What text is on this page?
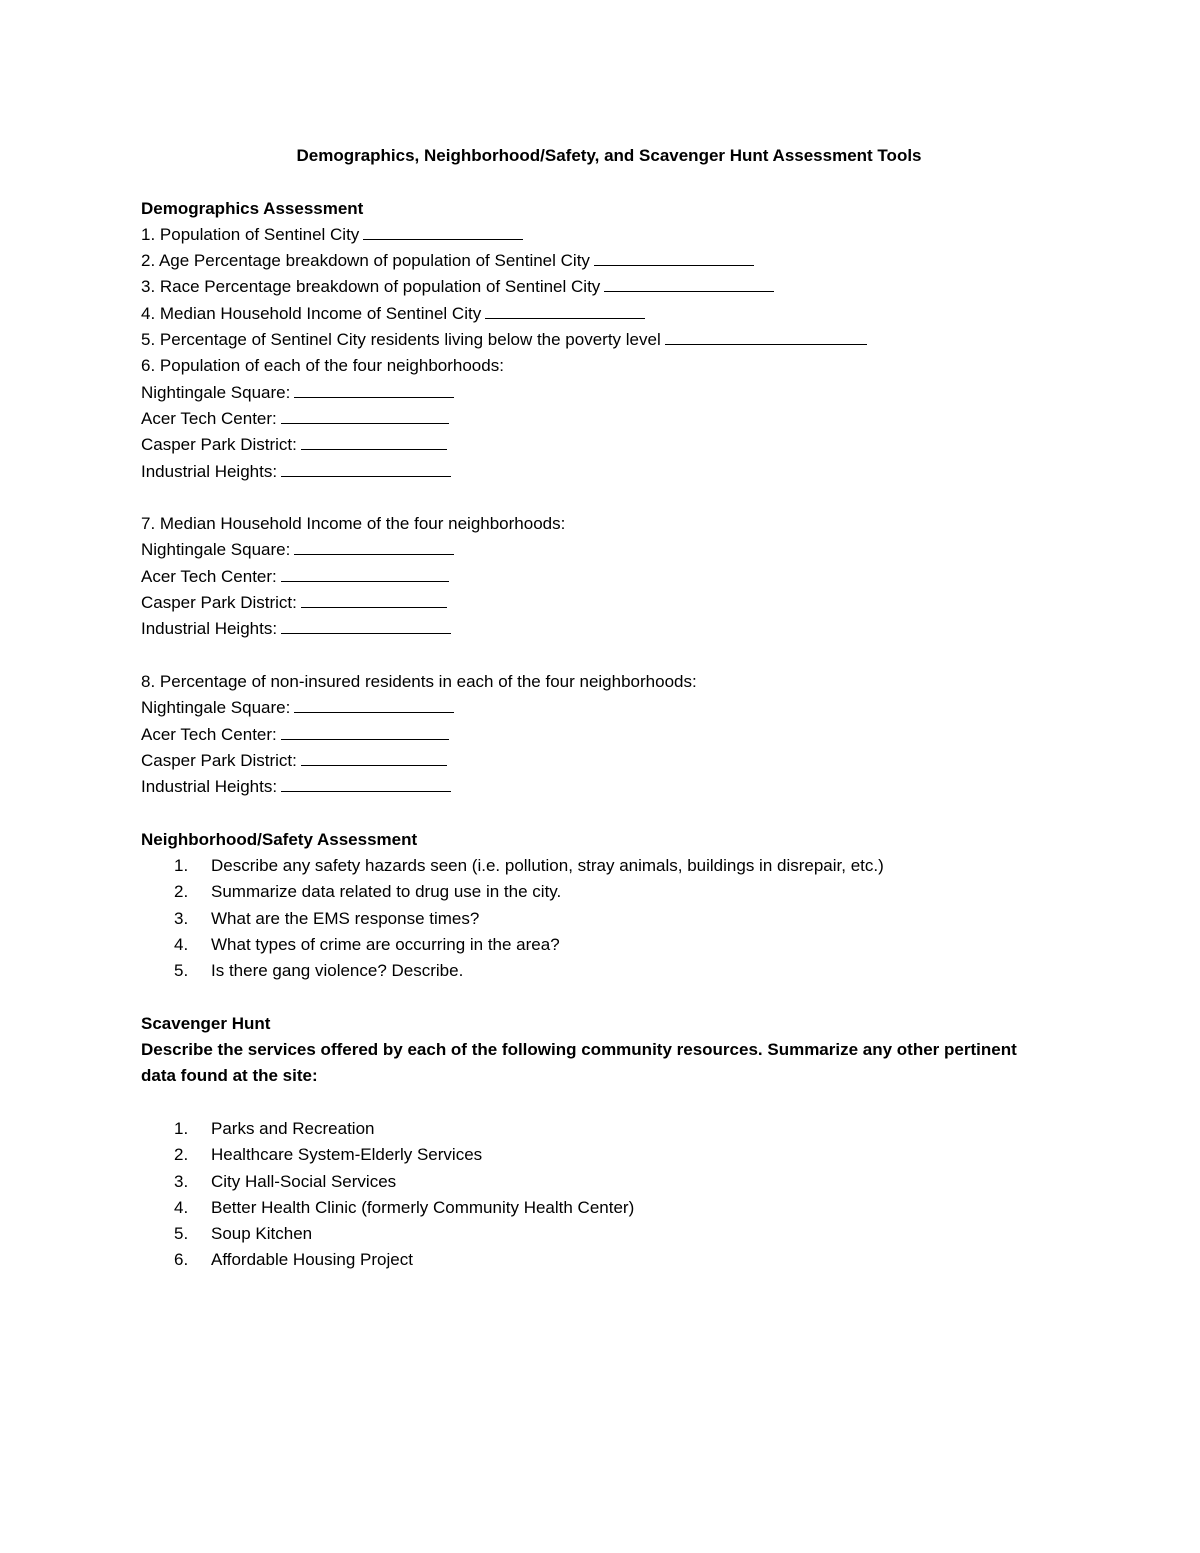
Demographics, Neighborhood/Safety, and Scavenger Hunt Assessment Tools

Demographics Assessment

1. Population of Sentinel City

2. Age Percentage breakdown of population of Sentinel City

3. Race Percentage breakdown of population of Sentinel City

4. Median Household Income of Sentinel City

5. Percentage of Sentinel City residents living below the poverty level

6. Population of each of the four neighborhoods:

Nightingale Square:

Acer Tech Center:

Casper Park District:

Industrial Heights:

7. Median Household Income of the four neighborhoods:

Nightingale Square:

Acer Tech Center:

Casper Park District:

Industrial Heights:

8. Percentage of non-insured residents in each of the four neighborhoods:

Nightingale Square:

Acer Tech Center:

Casper Park District:

Industrial Heights:

Neighborhood/Safety Assessment

1.	Describe any safety hazards seen (i.e. pollution, stray animals, buildings in disrepair, etc.)
2.	Summarize data related to drug use in the city.
3.	What are the EMS response times?
4.	What types of crime are occurring in the area?
5.	Is there gang violence? Describe.

Scavenger Hunt

Describe the services offered by each of the following community resources. Summarize any other pertinent data found at the site:

1.	Parks and Recreation
2.	Healthcare System-Elderly Services
3.	City Hall-Social Services
4.	Better Health Clinic (formerly Community Health Center)
5.	Soup Kitchen
6.	Affordable Housing Project
